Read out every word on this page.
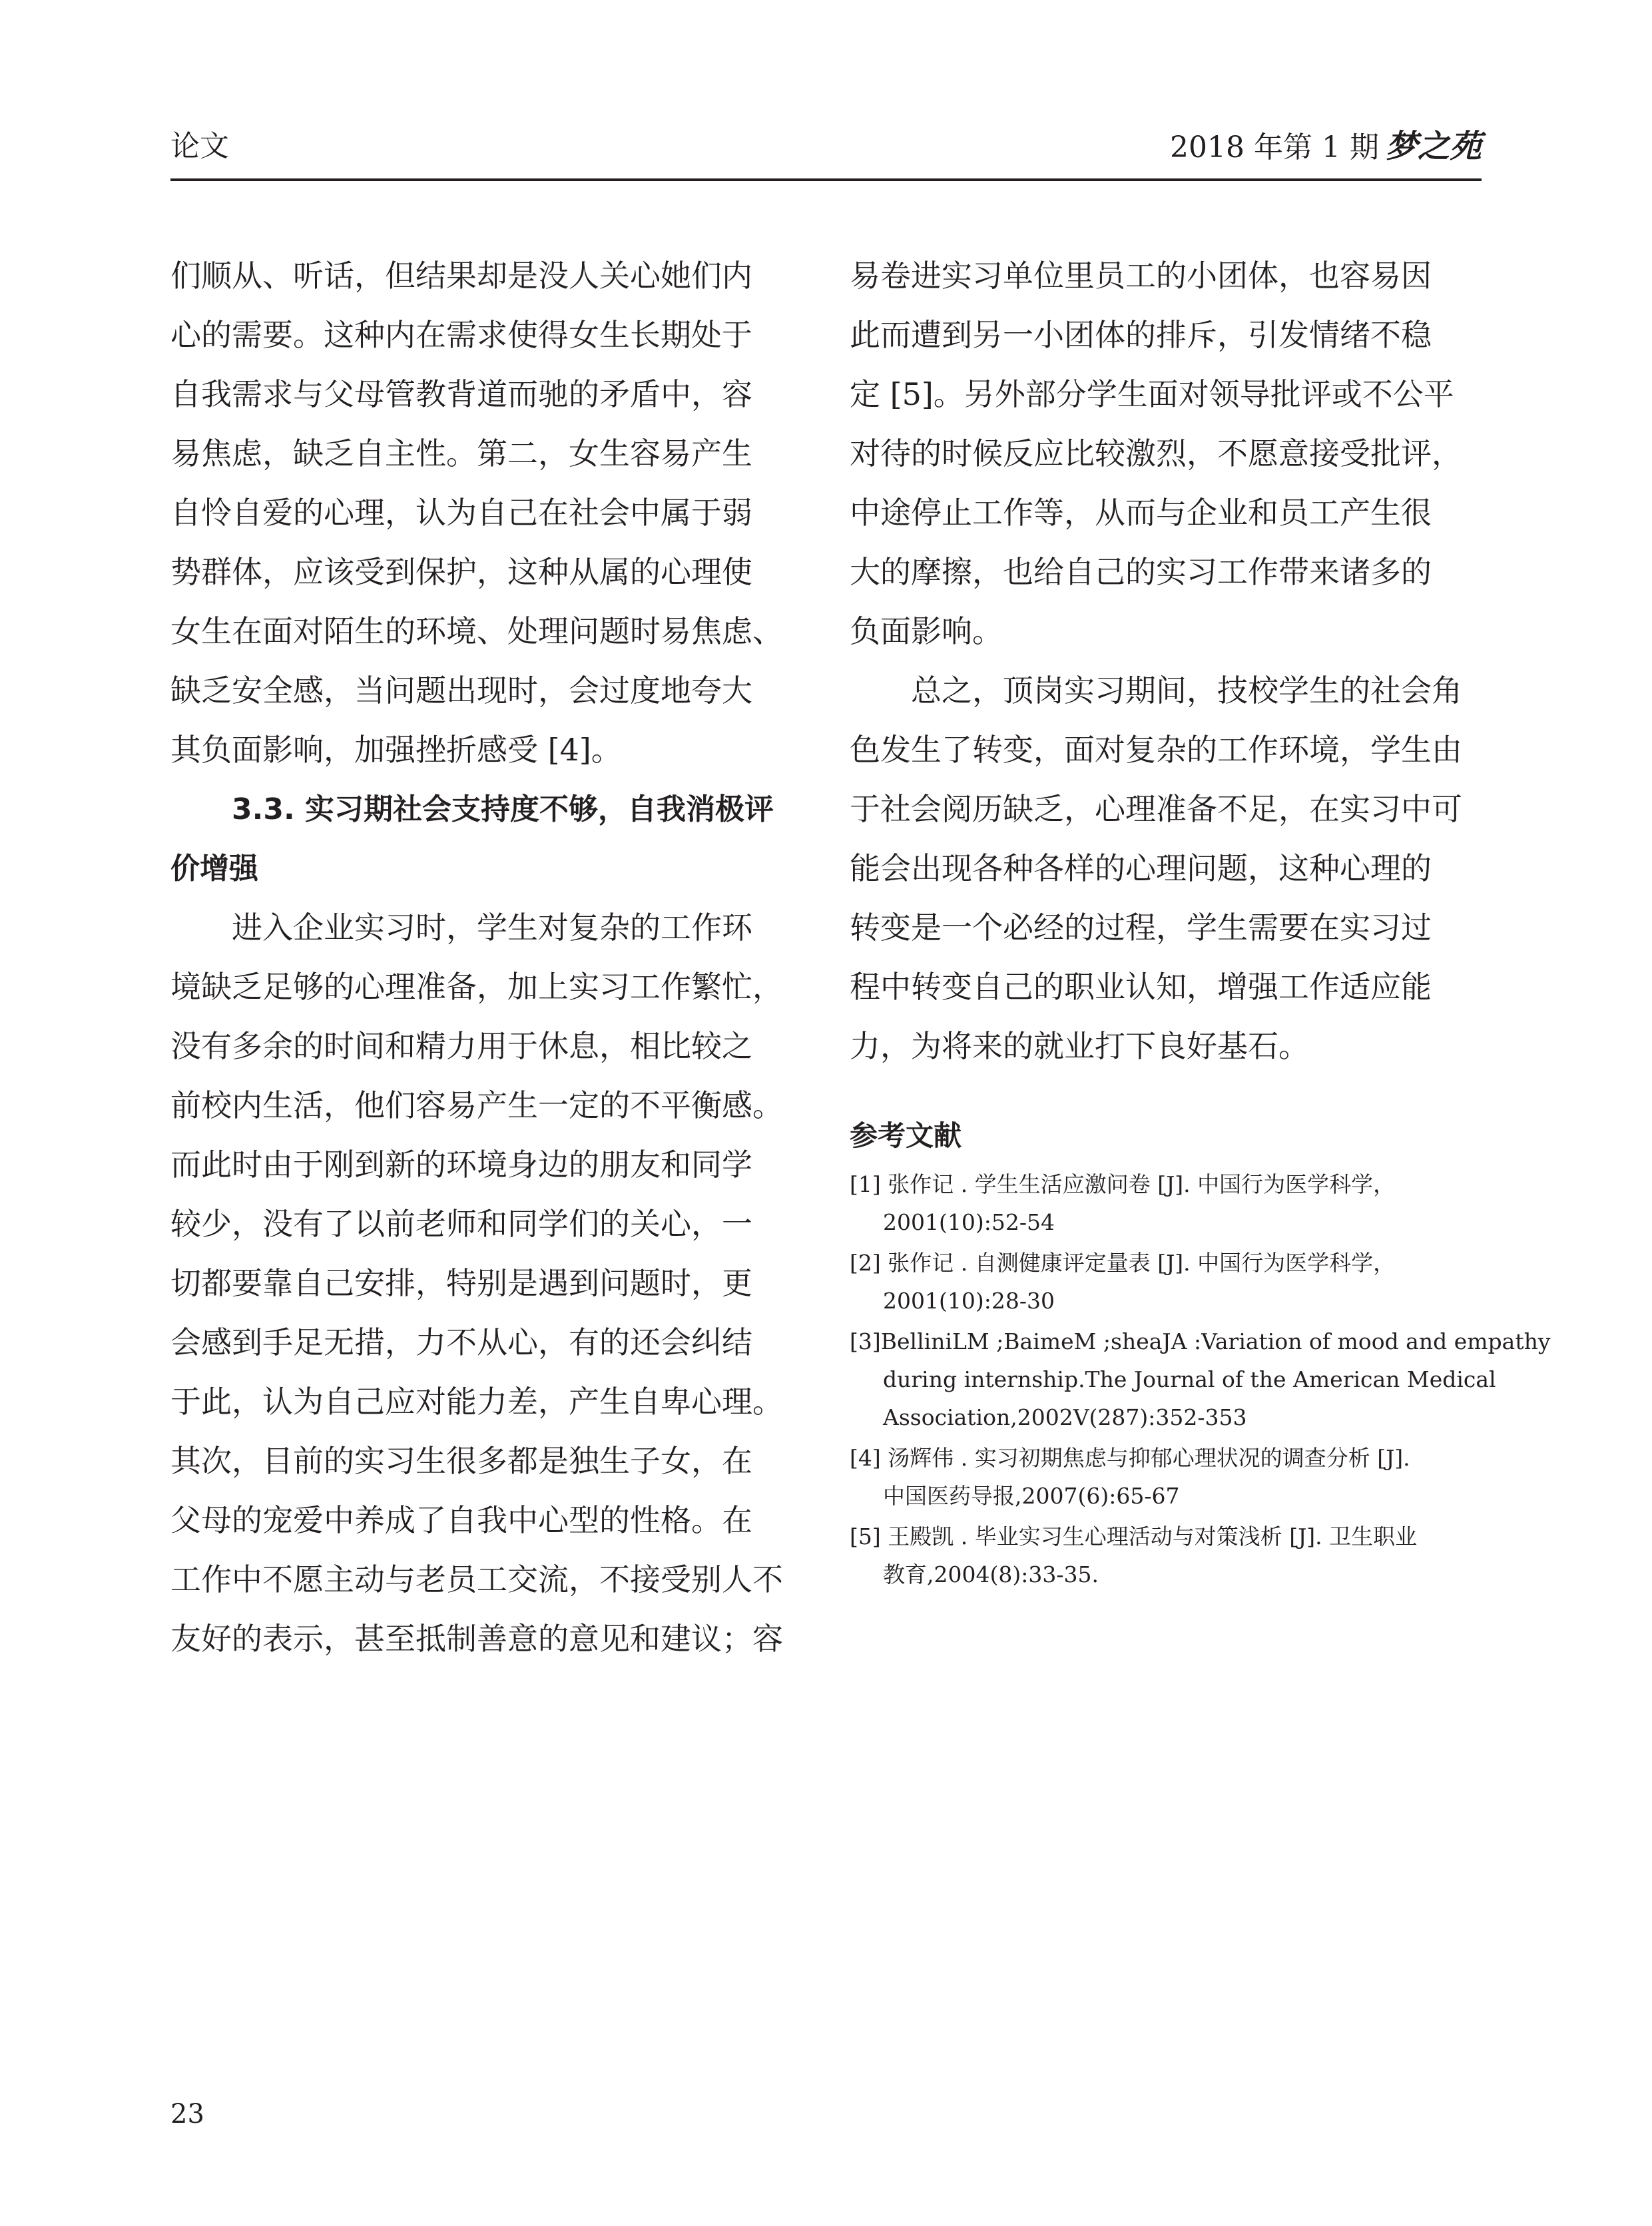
论文	2018 年第 1 期 梦之苑
们顺从、听话，但结果却是没人关心她们内
心的需要。这种内在需求使得女生长期处于
自我需求与父母管教背道而驰的矛盾中，容
易焦虑，缺乏自主性。第二，女生容易产生
自怜自爱的心理，认为自己在社会中属于弱
势群体，应该受到保护，这种从属的心理使
女生在面对陌生的环境、处理问题时易焦虑、
缺乏安全感，当问题出现时，会过度地夸大
其负面影响，加强挫折感受 [4]。
3.3. 实习期社会支持度不够，自我消极评
价增强
进入企业实习时，学生对复杂的工作环
境缺乏足够的心理准备，加上实习工作繁忙，
没有多余的时间和精力用于休息，相比较之
前校内生活，他们容易产生一定的不平衡感。
而此时由于刚到新的环境身边的朋友和同学
较少，没有了以前老师和同学们的关心，一
切都要靠自己安排，特别是遇到问题时，更
会感到手足无措，力不从心，有的还会纠结
于此，认为自己应对能力差，产生自卑心理。
其次，目前的实习生很多都是独生子女，在
父母的宠爱中养成了自我中心型的性格。在
工作中不愿主动与老员工交流，不接受别人不
友好的表示，甚至抵制善意的意见和建议；容
易卷进实习单位里员工的小团体，也容易因
此而遭到另一小团体的排斥，引发情绪不稳
定 [5]。另外部分学生面对领导批评或不公平
对待的时候反应比较激烈，不愿意接受批评，
中途停止工作等，从而与企业和员工产生很
大的摩擦，也给自己的实习工作带来诸多的
负面影响。
总之，顶岗实习期间，技校学生的社会角
色发生了转变，面对复杂的工作环境，学生由
于社会阅历缺乏，心理准备不足，在实习中可
能会出现各种各样的心理问题，这种心理的
转变是一个必经的过程，学生需要在实习过
程中转变自己的职业认知，增强工作适应能
力，为将来的就业打下良好基石。
参考文献
[1] 张作记 . 学生生活应激问卷 [J]. 中国行为医学科学，
2001(10):52-54
[2] 张作记 . 自测健康评定量表 [J]. 中国行为医学科学，
2001(10):28-30
[3]BelliniLM ;BaimeM ;sheaJA :Variation of mood and empathy
during internship.The Journal of the American Medical
Association,2002V(287):352-353
[4] 汤辉伟 . 实习初期焦虑与抑郁心理状况的调查分析 [J].
中国医药导报,2007(6):65-67
[5] 王殿凯 . 毕业实习生心理活动与对策浅析 [J]. 卫生职业
教育,2004(8):33-35.
23
